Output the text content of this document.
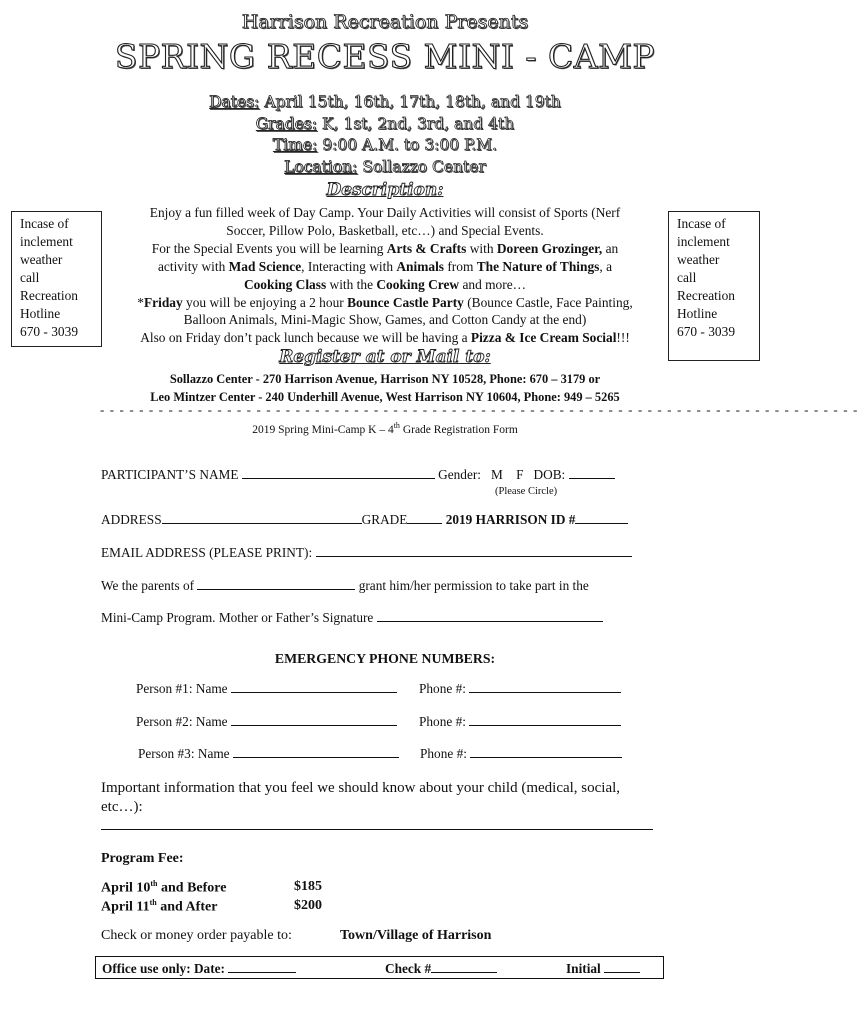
Harrison Recreation Presents
SPRING RECESS MINI - CAMP
Dates: April 15th, 16th, 17th, 18th, and 19th
Grades: K, 1st, 2nd, 3rd, and 4th
Time: 9:00 A.M. to 3:00 P.M.
Location: Sollazzo Center
Description:
Enjoy a fun filled week of Day Camp. Your Daily Activities will consist of Sports (Nerf
Soccer, Pillow Polo, Basketball, etc…) and Special Events.
For the Special Events you will be learning Arts & Crafts with Doreen Grozinger, an
activity with Mad Science, Interacting with Animals from The Nature of Things, a
Cooking Class with the Cooking Crew and more…
*Friday you will be enjoying a 2 hour Bounce Castle Party (Bounce Castle, Face Painting,
Balloon Animals, Mini-Magic Show, Games, and Cotton Candy at the end)
Also on Friday don’t pack lunch because we will be having a Pizza & Ice Cream Social!!!
Incase of
inclement
weather
call
Recreation
Hotline
670 - 3039
Incase of
inclement
weather
call
Recreation
Hotline
670 - 3039
Register at or Mail to:
Sollazzo Center - 270 Harrison Avenue, Harrison NY 10528, Phone: 670 – 3179 or
Leo Mintzer Center - 240 Underhill Avenue, West Harrison NY 10604, Phone: 949 – 5265
- - - - - - - - - - - - - - - - - - - - - - - - - - - - - - - - - - - - - - - - - - - - - - - - - - - - - - - - - - - - - - - - - - - - - - - - - - - - - -
2019 Spring Mini-Camp K – 4th Grade Registration Form
PARTICIPANT’S NAME	Gender: M F DOB:
(Please Circle)
ADDRESS	GRADE	2019 HARRISON ID #
EMAIL ADDRESS (PLEASE PRINT):
We the parents of	grant him/her permission to take part in the
Mini-Camp Program. Mother or Father’s Signature
EMERGENCY PHONE NUMBERS:
Person #1: Name	Phone #:
Person #2: Name	Phone #:
Person #3: Name	Phone #:
Important information that you feel we should know about your child (medical, social,
etc…):
Program Fee:
April 10th and Before	$185
April 11th and After	$200
Check or money order payable to:	Town/Village of Harrison
Office use only: Date:	Check #	Initial
